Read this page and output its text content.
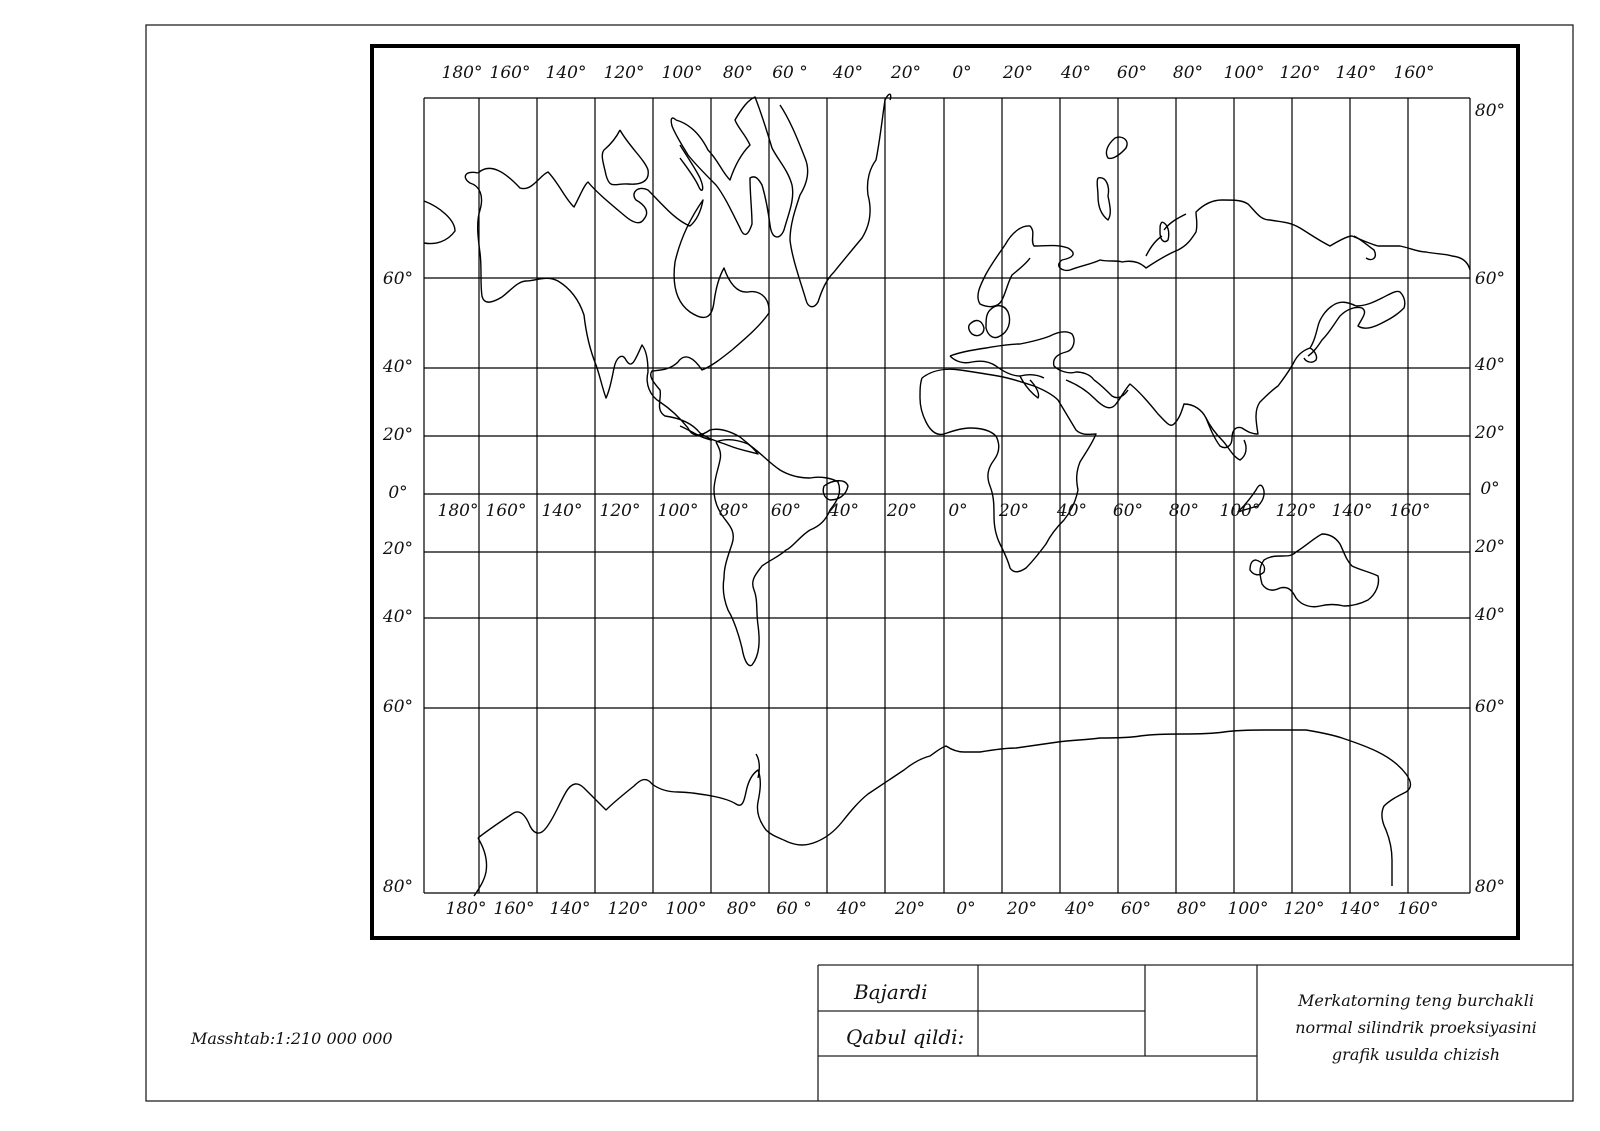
180° 160° 140° 120° 100° 80° 60 ° 40° 20° 0° 20° 40° 60° 80° 100° 120° 140° 160°
180° 160° 140° 120° 100° 80° 60° 40° 20° 0° 20° 40° 60° 80° 100° 120° 140° 160°
180° 160° 140° 120° 100° 80° 60 ° 40° 20° 0° 20° 40° 60° 80° 100° 120° 140° 160°
60°
40°
20°
0°
20°
40°
60°
80°
80°
60°
40°
20°
0°
20°
40°
60°
80°
Bajardi
Qabul qildi:
Merkatorning teng burchakli
normal silindrik proeksiyasini
grafik usulda chizish
Masshtab:1:210 000 000
